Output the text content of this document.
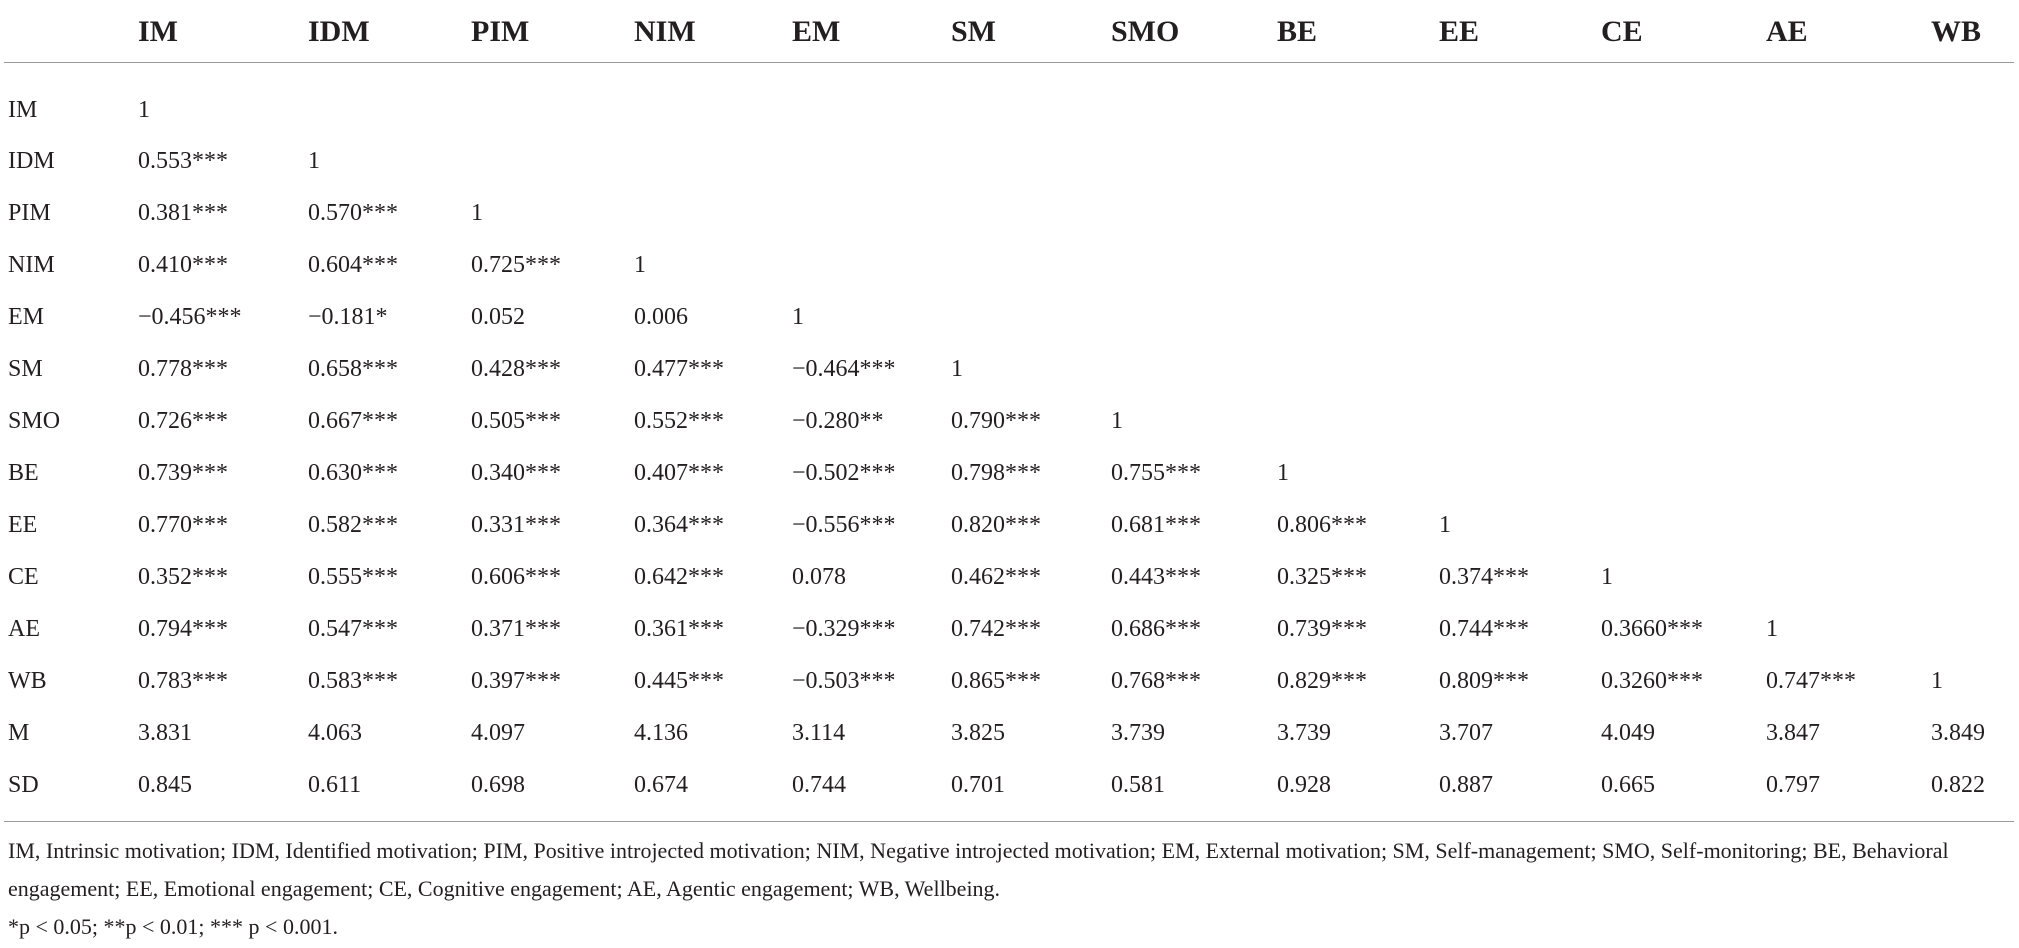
	IM	IDM	PIM	NIM	EM	SM	SMO	BE	EE	CE	AE	WB
IM	1											
IDM	0.553***	1										
PIM	0.381***	0.570***	1									
NIM	0.410***	0.604***	0.725***	1								
EM	−0.456***	−0.181*	0.052	0.006	1							
SM	0.778***	0.658***	0.428***	0.477***	−0.464***	1						
SMO	0.726***	0.667***	0.505***	0.552***	−0.280**	0.790***	1					
BE	0.739***	0.630***	0.340***	0.407***	−0.502***	0.798***	0.755***	1				
EE	0.770***	0.582***	0.331***	0.364***	−0.556***	0.820***	0.681***	0.806***	1			
CE	0.352***	0.555***	0.606***	0.642***	0.078	0.462***	0.443***	0.325***	0.374***	1		
AE	0.794***	0.547***	0.371***	0.361***	−0.329***	0.742***	0.686***	0.739***	0.744***	0.3660***	1	
WB	0.783***	0.583***	0.397***	0.445***	−0.503***	0.865***	0.768***	0.829***	0.809***	0.3260***	0.747***	1
M	3.831	4.063	4.097	4.136	3.114	3.825	3.739	3.739	3.707	4.049	3.847	3.849
SD	0.845	0.611	0.698	0.674	0.744	0.701	0.581	0.928	0.887	0.665	0.797	0.822

IM, Intrinsic motivation; IDM, Identified motivation; PIM, Positive introjected motivation; NIM, Negative introjected motivation; EM, External motivation; SM, Self-management; SMO, Self-monitoring; BE, Behavioral engagement; EE, Emotional engagement; CE, Cognitive engagement; AE, Agentic engagement; WB, Wellbeing.

*p < 0.05; **p < 0.01; *** p < 0.001.
